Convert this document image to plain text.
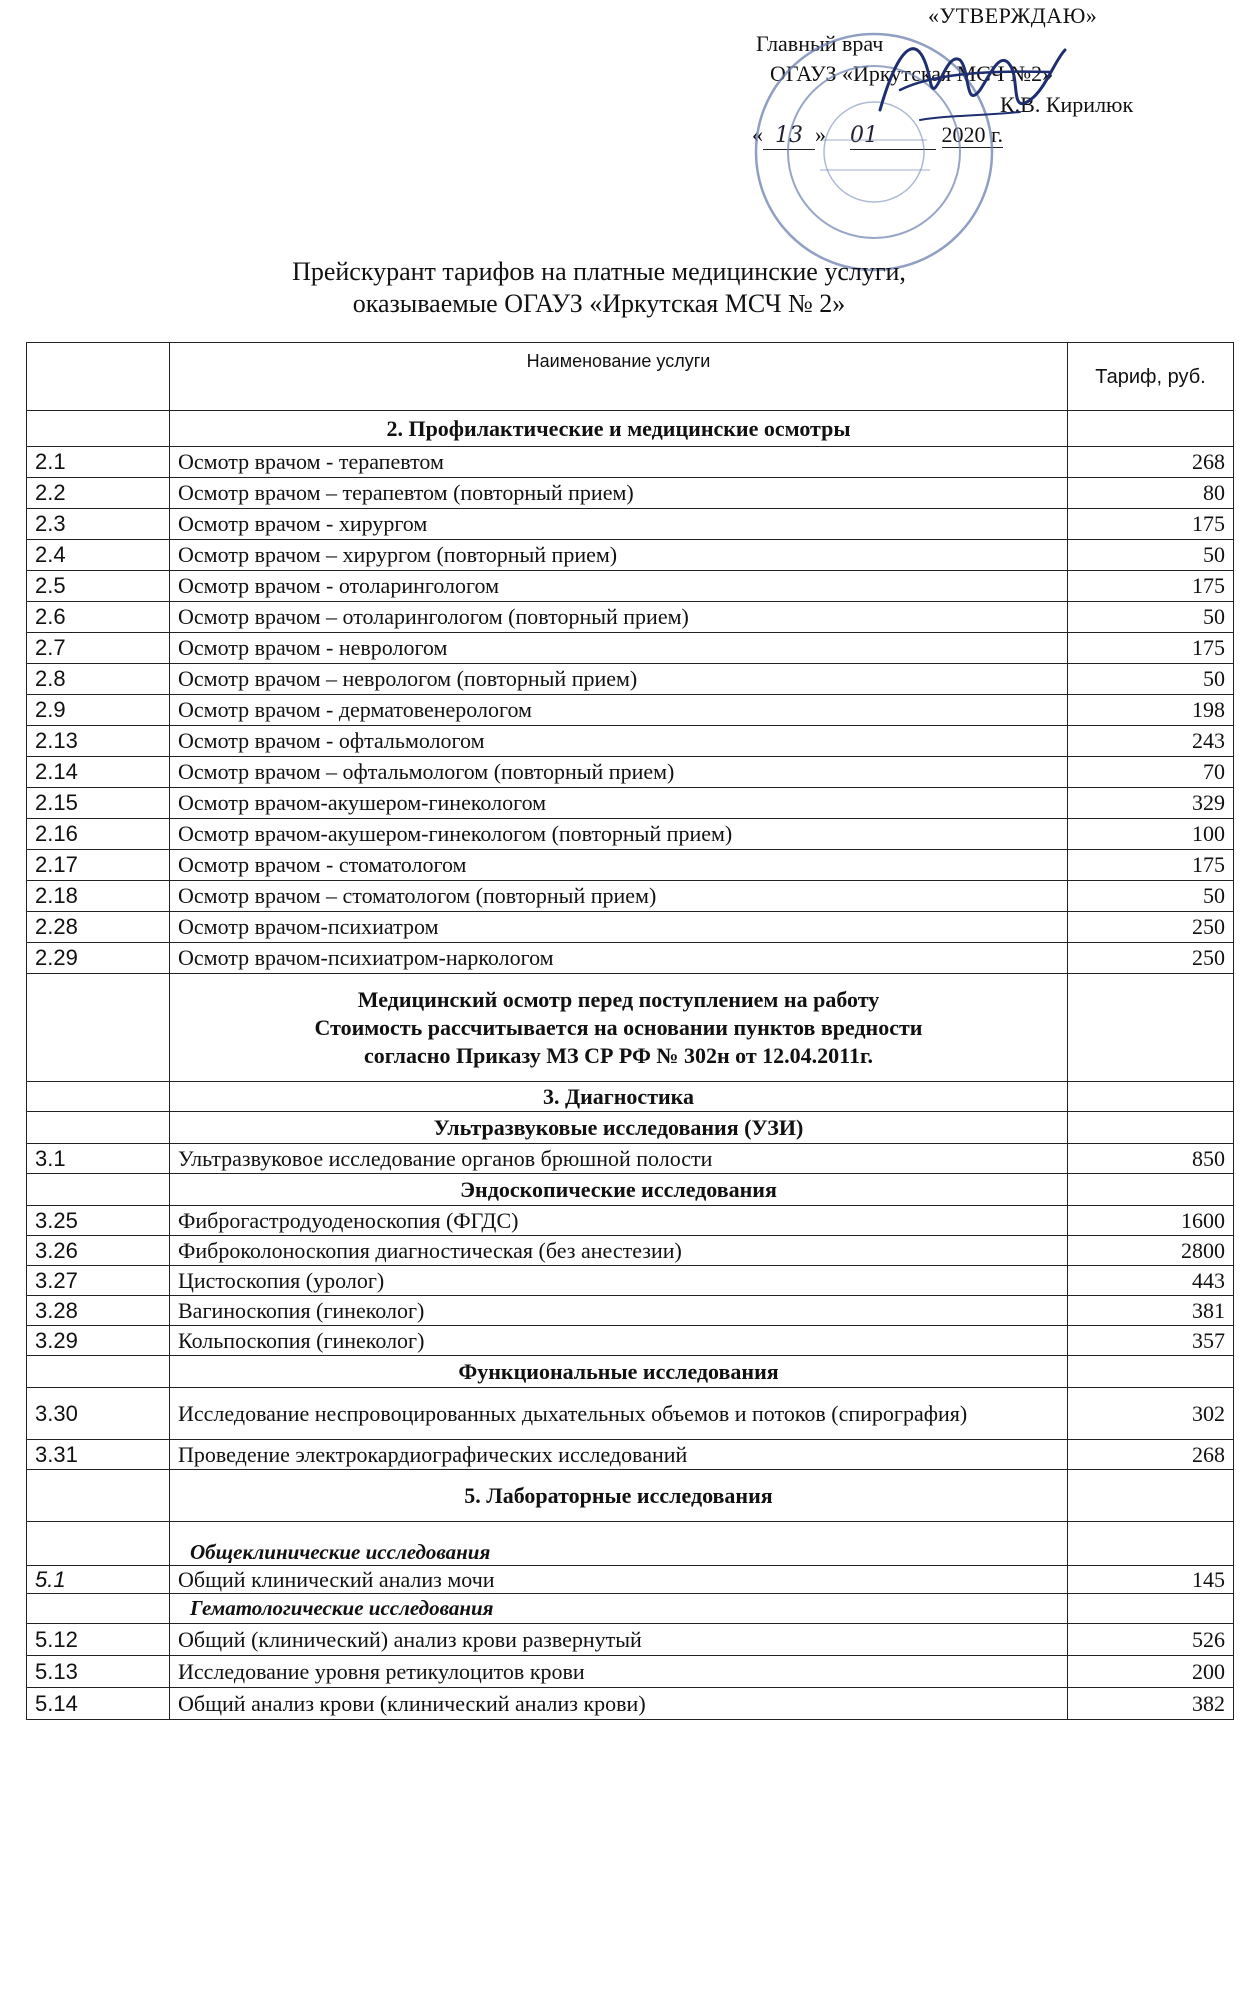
«УТВЕРЖДАЮ»
Главный врач
ОГАУЗ «Иркутская МСЧ №2»
К.В. Кирилюк
« 13 » 01	2020 г.
Прейскурант тарифов на платные медицинские услуги,
оказываемые ОГАУЗ «Иркутская МСЧ № 2»
	Наименование услуги	Тариф, руб.
	2. Профилактические и медицинские осмотры	
2.1	Осмотр врачом - терапевтом	268
2.2	Осмотр врачом – терапевтом (повторный прием)	80
2.3	Осмотр врачом - хирургом	175
2.4	Осмотр врачом – хирургом (повторный прием)	50
2.5	Осмотр врачом - отоларингологом	175
2.6	Осмотр врачом – отоларингологом (повторный прием)	50
2.7	Осмотр врачом - неврологом	175
2.8	Осмотр врачом – неврологом (повторный прием)	50
2.9	Осмотр врачом - дерматовенерологом	198
2.13	Осмотр врачом - офтальмологом	243
2.14	Осмотр врачом – офтальмологом (повторный прием)	70
2.15	Осмотр врачом-акушером-гинекологом	329
2.16	Осмотр врачом-акушером-гинекологом (повторный прием)	100
2.17	Осмотр врачом - стоматологом	175
2.18	Осмотр врачом – стоматологом (повторный прием)	50
2.28	Осмотр врачом-психиатром	250
2.29	Осмотр врачом-психиатром-наркологом	250

	Медицинский осмотр перед поступлением на работу
Стоимость рассчитывается на основании пунктов вредности
согласно Приказу МЗ СР РФ № 302н от 12.04.2011г.	

	3. Диагностика	
	Ультразвуковые исследования (УЗИ)	
3.1	Ультразвуковое исследование органов брюшной полости	850
	Эндоскопические исследования	
3.25	Фиброгастродуоденоскопия (ФГДС)	1600
3.26	Фиброколоноскопия диагностическая (без анестезии)	2800
3.27	Цистоскопия (уролог)	443
3.28	Вагиноскопия (гинеколог)	381
3.29	Кольпоскопия (гинеколог)	357
	Функциональные исследования	
3.30	Исследование неспровоцированных дыхательных объемов и потоков (спирография)	302
3.31	Проведение электрокардиографических исследований	268
	5. Лабораторные исследования	
	Общеклинические исследования	
5.1	Общий клинический анализ мочи	145
	Гематологические исследования	
5.12	Общий (клинический) анализ крови развернутый	526
5.13	Исследование уровня ретикулоцитов крови	200
5.14	Общий анализ крови (клинический анализ крови)	382
